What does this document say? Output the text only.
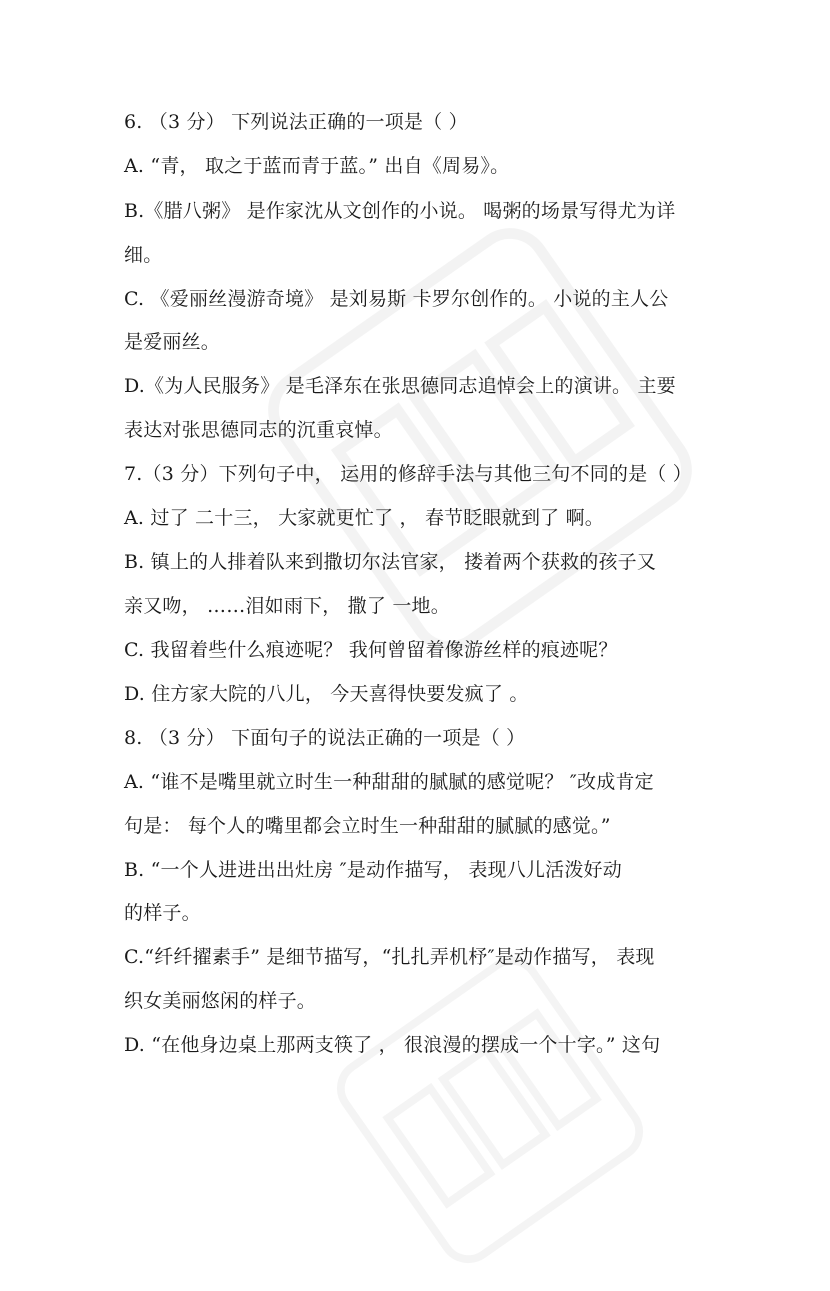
6. （3 分） 下列说法正确的一项是（ ）
A. “青， 取之于蓝而青于蓝。” 出自《周易》。
B.《腊八粥》 是作家沈从文创作的小说。 喝粥的场景写得尤为详
细。
C. 《爱丽丝漫游奇境》 是刘易斯 卡罗尔创作的。 小说的主人公
是爱丽丝。
D.《为人民服务》 是毛泽东在张思德同志追悼会上的演讲。 主要
表达对张思德同志的沉重哀悼。
7.（3 分）下列句子中， 运用的修辞手法与其他三句不同的是（ ）
A. 过了 二十三， 大家就更忙了 ， 春节眨眼就到了 啊。
B. 镇上的人排着队来到撒切尔法官家， 搂着两个获救的孩子又
亲又吻， ……泪如雨下， 撒了 一地。
C. 我留着些什么痕迹呢？ 我何曾留着像游丝样的痕迹呢？
D. 住方家大院的八儿， 今天喜得快要发疯了 。
8. （3 分） 下面句子的说法正确的一项是（ ）
A. “谁不是嘴里就立时生一种甜甜的腻腻的感觉呢？ ″改成肯定
句是： 每个人的嘴里都会立时生一种甜甜的腻腻的感觉。”
B. “一个人进进出出灶房 ″是动作描写， 表现八儿活泼好动
的样子。
C.“纤纤擢素手” 是细节描写，“扎扎弄机杼″是动作描写， 表现
织女美丽悠闲的样子。
D. “在他身边桌上那两支筷了 ， 很浪漫的摆成一个十字。” 这句
